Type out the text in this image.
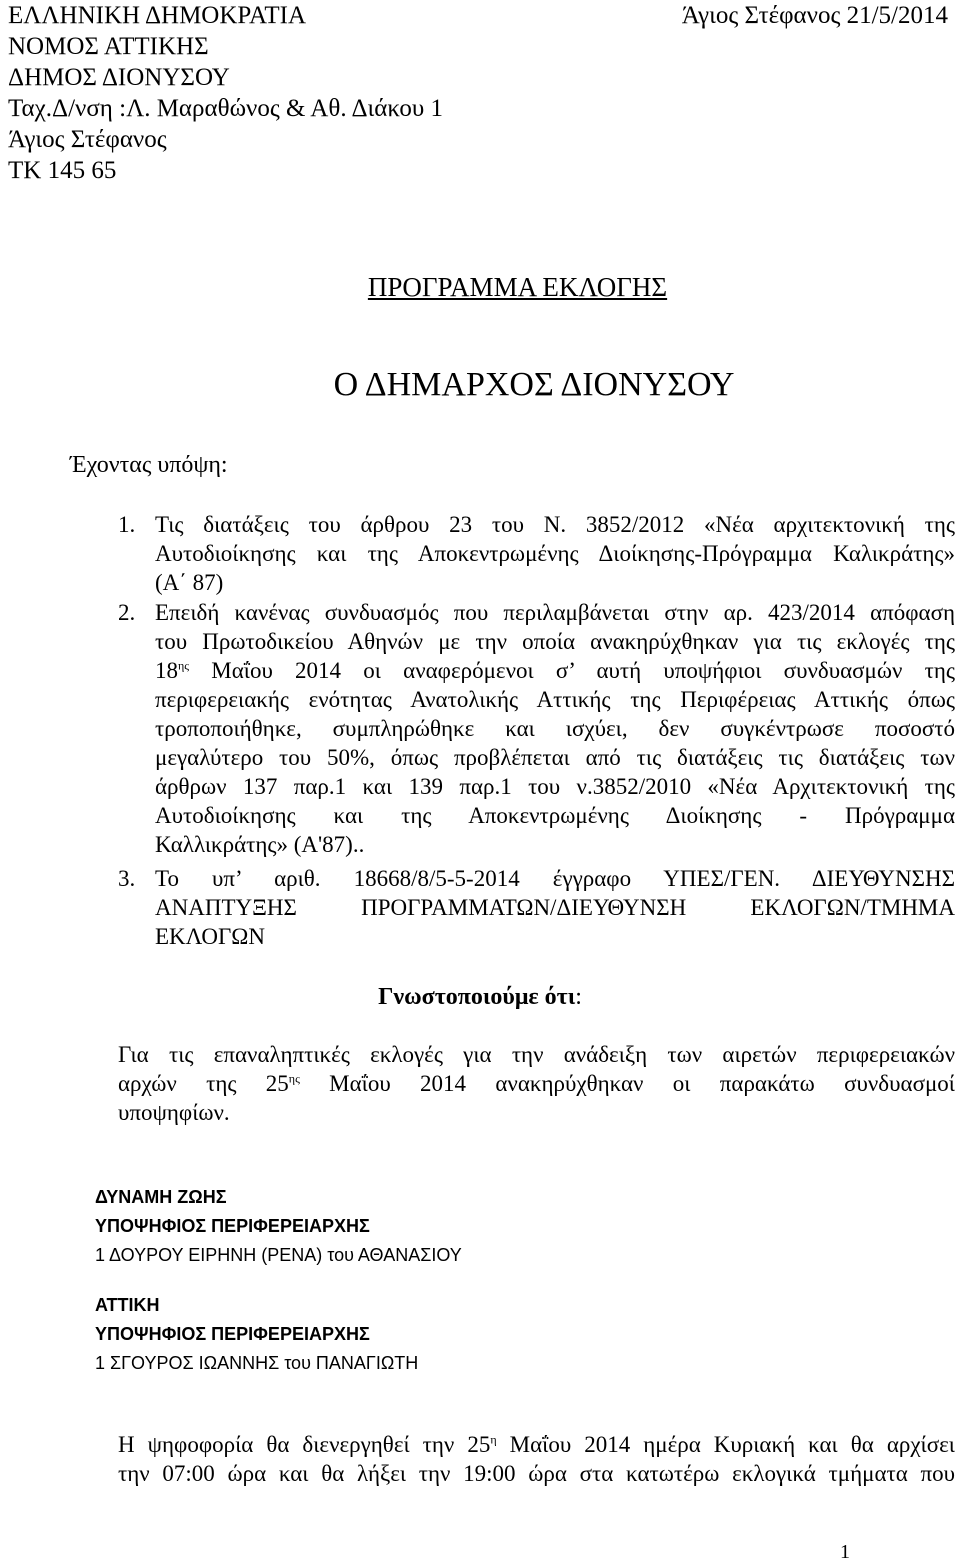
ΕΛΛΗΝΙΚΗ ΔΗΜΟΚΡΑΤΙΑ
ΝΟΜΟΣ ΑΤΤΙΚΗΣ
ΔΗΜΟΣ ΔΙΟΝΥΣΟΥ
Ταχ.Δ/νση :Λ. Μαραθώνος & Αθ. Διάκου 1
Άγιος Στέφανος
ΤΚ 145 65
Άγιος Στέφανος 21/5/2014
ΠΡΟΓΡΑΜΜΑ ΕΚΛΟΓΗΣ
Ο ΔΗΜΑΡΧΟΣ ΔΙΟΝΥΣΟΥ
Έχοντας υπόψη:
1. Τις διατάξεις του άρθρου 23 του Ν. 3852/2012 «Νέα αρχιτεκτονική της
Αυτοδιοίκησης και της Αποκεντρωμένης Διοίκησης-Πρόγραμμα Καλικράτης»
(Α΄ 87)
2. Επειδή κανένας συνδυασμός που περιλαμβάνεται στην αρ. 423/2014 απόφαση
του Πρωτοδικείου Αθηνών με την οποία ανακηρύχθηκαν για τις εκλογές της
$18^{\eta\varsigma}$ Μαΐου 2014 οι αναφερόμενοι σ’ αυτή υποψήφιοι συνδυασμών της
περιφερειακής ενότητας Ανατολικής Αττικής της Περιφέρειας Αττικής όπως
τροποποιήθηκε, συμπληρώθηκε και ισχύει, δεν συγκέντρωσε ποσοστό
μεγαλύτερο του 50%, όπως προβλέπεται από τις διατάξεις τις διατάξεις των
άρθρων 137 παρ.1 και 139 παρ.1 του ν.3852/2010 «Νέα Αρχιτεκτονική της
Αυτοδιοίκησης και της Αποκεντρωμένης Διοίκησης - Πρόγραμμα
Καλλικράτης» (Α'87)..
3. Το υπ’ αριθ. 18668/8/5-5-2014 έγγραφο ΥΠΕΣ/ΓΕΝ. ΔΙΕΥΘΥΝΣΗΣ
ΑΝΑΠΤΥΞΗΣ ΠΡΟΓΡΑΜΜΑΤΩΝ/ΔΙΕΥΘΥΝΣΗ ΕΚΛΟΓΩΝ/ΤΜΗΜΑ
ΕΚΛΟΓΩΝ
Γνωστοποιούμε ότι:
Για τις επαναληπτικές εκλογές για την ανάδειξη των αιρετών περιφερειακών
αρχών της $25^{\eta\varsigma}$ Μαΐου 2014 ανακηρύχθηκαν οι παρακάτω συνδυασμοί
υποψηφίων.
ΔΥΝΑΜΗ ΖΩΗΣ
ΥΠΟΨΗΦΙΟΣ ΠΕΡΙΦΕΡΕΙΑΡΧΗΣ
1 ΔΟΥΡΟΥ ΕΙΡΗΝΗ (ΡΕΝΑ) του ΑΘΑΝΑΣΙΟΥ
ΑΤΤΙΚΗ
ΥΠΟΨΗΦΙΟΣ ΠΕΡΙΦΕΡΕΙΑΡΧΗΣ
1 ΣΓΟΥΡΟΣ ΙΩΑΝΝΗΣ του ΠΑΝΑΓΙΩΤΗ
Η ψηφοφορία θα διενεργηθεί την $25^\eta$ Μαΐου 2014 ημέρα Κυριακή και θα αρχίσει
την 07:00 ώρα και θα λήξει την 19:00 ώρα στα κατωτέρω εκλογικά τμήματα που
1
